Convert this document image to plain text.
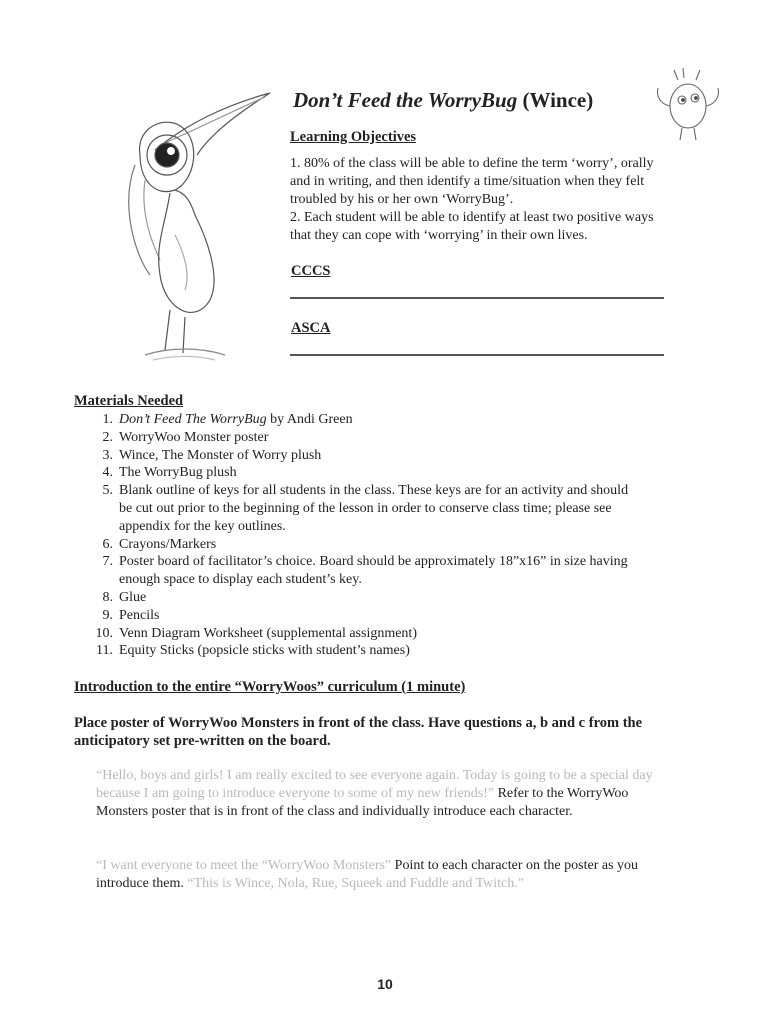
Don’t Feed the WorryBug (Wince)
Learning Objectives
1. 80% of the class will be able to define the term ‘worry’, orally and in writing, and then identify a time/situation when they felt troubled by his or her own ‘WorryBug’.
2. Each student will be able to identify at least two positive ways that they can cope with ‘worrying’ in their own lives.
CCCS
ASCA
Materials Needed
1. Don’t Feed The WorryBug by Andi Green
2. WorryWoo Monster poster
3. Wince, The Monster of Worry plush
4. The WorryBug plush
5. Blank outline of keys for all students in the class. These keys are for an activity and should be cut out prior to the beginning of the lesson in order to conserve class time; please see appendix for the key outlines.
6. Crayons/Markers
7. Poster board of facilitator’s choice. Board should be approximately 18”x16” in size having enough space to display each student’s key.
8. Glue
9. Pencils
10. Venn Diagram Worksheet (supplemental assignment)
11. Equity Sticks (popsicle sticks with student’s names)
Introduction to the entire “WorryWoos” curriculum (1 minute)
Place poster of WorryWoo Monsters in front of the class. Have questions a, b and c from the anticipatory set pre-written on the board.
“Hello, boys and girls! I am really excited to see everyone again. Today is going to be a special day because I am going to introduce everyone to some of my new friends!” Refer to the WorryWoo Monsters poster that is in front of the class and individually introduce each character.
“I want everyone to meet the “WorryWoo Monsters” Point to each character on the poster as you introduce them. “This is Wince, Nola, Rue, Squeek and Fuddle and Twitch.”
10
